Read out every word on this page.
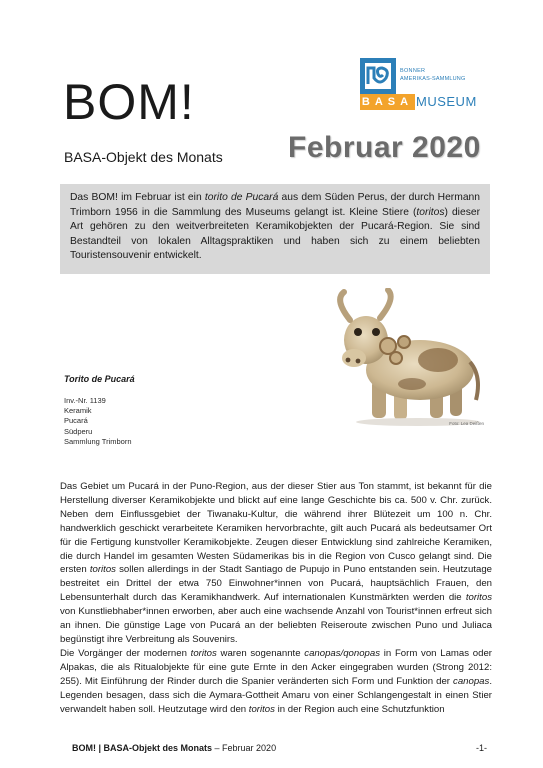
BOM!
BASA-Objekt des Monats
BONNER
AMERIKAS-SAMMLUNG
BASA MUSEUM
Februar 2020
Das BOM! im Februar ist ein torito de Pucará aus dem Süden Perus, der durch Hermann Trimborn 1956 in die Sammlung des Museums gelangt ist. Kleine Stiere (toritos) dieser Art gehören zu den weitverbreiteten Keramikobjekten der Pucará-Region. Sie sind Bestandteil von lokalen Alltagspraktiken und haben sich zu einem beliebten Touristensouvenir entwickelt.
Foto: Lea Deißen
Torito de Pucará
Inv.-Nr. 1139
Keramik
Pucará
Südperu
Sammlung Trimborn

Das Gebiet um Pucará in der Puno-Region, aus der dieser Stier aus Ton stammt, ist bekannt für die Herstellung diverser Keramikobjekte und blickt auf eine lange Geschichte bis ca. 500 v. Chr. zurück. Neben dem Einflussgebiet der Tiwanaku-Kultur, die während ihrer Blütezeit um 100 n. Chr. handwerklich geschickt verarbeitete Keramiken hervorbrachte, gilt auch Pucará als bedeutsamer Ort für die Fertigung kunstvoller Keramikobjekte. Zeugen dieser Entwicklung sind zahlreiche Keramiken, die durch Handel im gesamten Westen Südamerikas bis in die Region von Cusco gelangt sind. Die ersten toritos sollen allerdings in der Stadt Santiago de Pupujo in Puno entstanden sein. Heutzutage bestreitet ein Drittel der etwa 750 Einwohner*innen von Pucará, hauptsächlich Frauen, den Lebensunterhalt durch das Keramikhandwerk. Auf internationalen Kunstmärkten werden die toritos von Kunstliebhaber*innen erworben, aber auch eine wachsende Anzahl von Tourist*innen erfreut sich an ihnen. Die günstige Lage von Pucará an der beliebten Reiseroute zwischen Puno und Juliaca begünstigt ihre Verbreitung als Souvenirs.

Die Vorgänger der modernen toritos waren sogenannte canopas/qonopas in Form von Lamas oder Alpakas, die als Ritualobjekte für eine gute Ernte in den Acker eingegraben wurden (Strong 2012: 255). Mit Einführung der Rinder durch die Spanier veränderten sich Form und Funktion der canopas. Legenden besagen, dass sich die Aymara-Gottheit Amaru von einer Schlangengestalt in einen Stier verwandelt haben soll. Heutzutage wird den toritos in der Region auch eine Schutzfunktion

BOM! | BASA-Objekt des Monats – Februar 2020	-1-
